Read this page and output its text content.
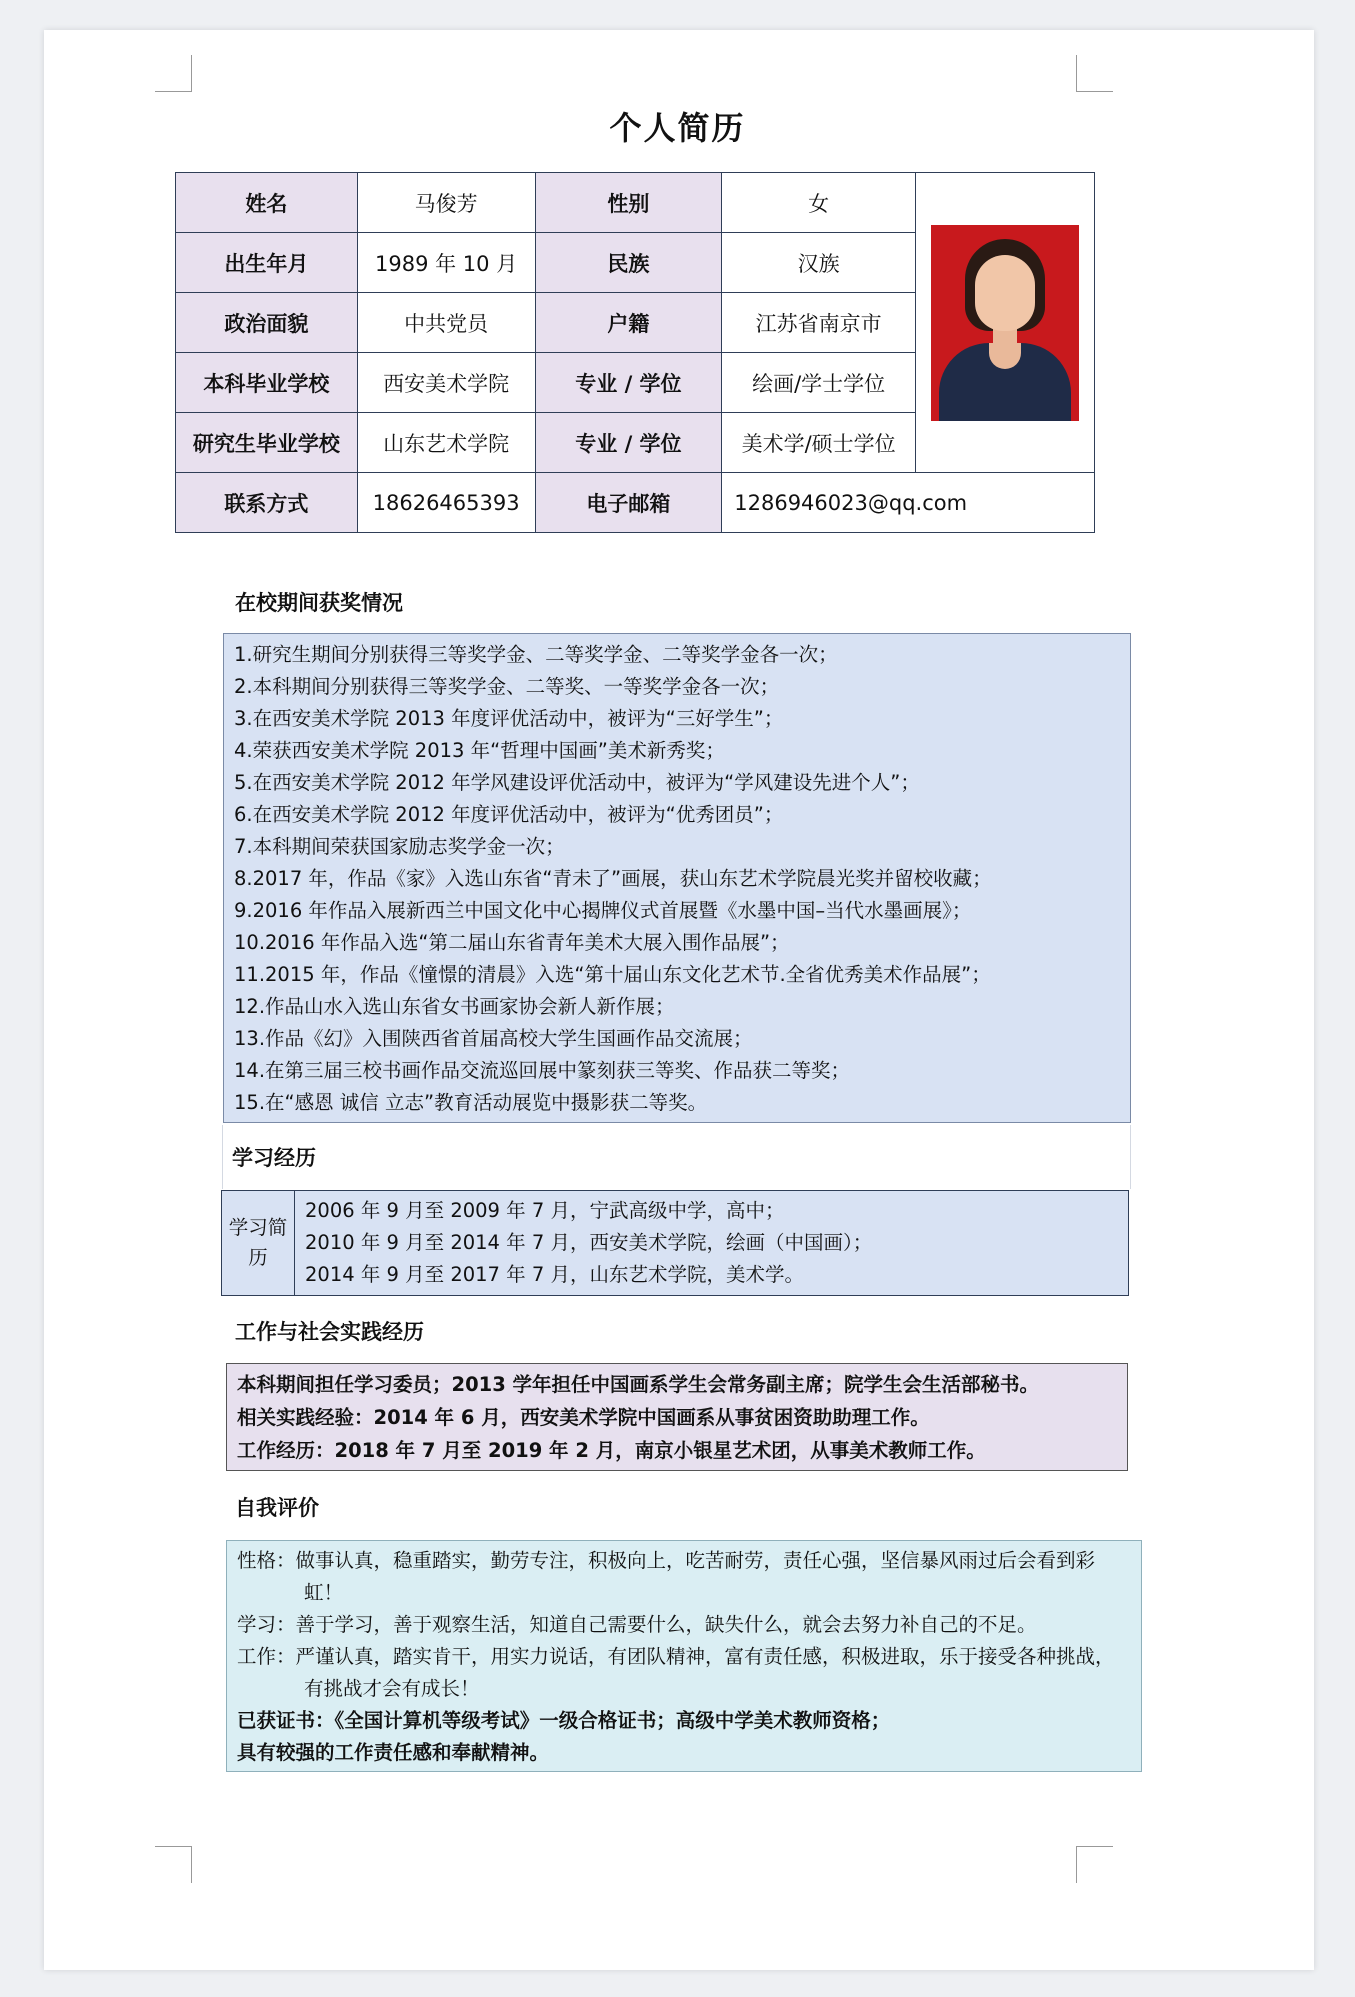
个人简历
姓名	马俊芳	性别	女	

出生年月	1989 年 10 月	民族	汉族	
政治面貌	中共党员	户籍	江苏省南京市	
本科毕业学校	西安美术学院	专业 / 学位	绘画/学士学位	
研究生毕业学校	山东艺术学院	专业 / 学位	美术学/硕士学位	
联系方式	18626465393	电子邮箱	1286946023@qq.com	
在校期间获奖情况
1.研究生期间分别获得三等奖学金、二等奖学金、二等奖学金各一次；
2.本科期间分别获得三等奖学金、二等奖、一等奖学金各一次；
3.在西安美术学院 2013 年度评优活动中，被评为“三好学生”；
4.荣获西安美术学院 2013 年“哲理中国画”美术新秀奖；
5.在西安美术学院 2012 年学风建设评优活动中，被评为“学风建设先进个人”；
6.在西安美术学院 2012 年度评优活动中，被评为“优秀团员”；
7.本科期间荣获国家励志奖学金一次；
8.2017 年，作品《家》入选山东省“青未了”画展，获山东艺术学院晨光奖并留校收藏；
9.2016 年作品入展新西兰中国文化中心揭牌仪式首展暨《水墨中国–当代水墨画展》；
10.2016 年作品入选“第二届山东省青年美术大展入围作品展”；
11.2015 年，作品《憧憬的清晨》入选“第十届山东文化艺术节.全省优秀美术作品展”；
12.作品山水入选山东省女书画家协会新人新作展；
13.作品《幻》入围陕西省首届高校大学生国画作品交流展；
14.在第三届三校书画作品交流巡回展中篆刻获三等奖、作品获二等奖；
15.在“感恩 诚信 立志”教育活动展览中摄影获二等奖。
学习经历
学习简历	
2006 年 9 月至 2009 年 7 月，宁武高级中学，高中；
2010 年 9 月至 2014 年 7 月，西安美术学院，绘画（中国画）；
2014 年 9 月至 2017 年 7 月，山东艺术学院，美术学。
工作与社会实践经历
本科期间担任学习委员；2013 学年担任中国画系学生会常务副主席；院学生会生活部秘书。
相关实践经验：2014 年 6 月，西安美术学院中国画系从事贫困资助助理工作。
工作经历：2018 年 7 月至 2019 年 2 月，南京小银星艺术团，从事美术教师工作。
自我评价
性格：做事认真，稳重踏实，勤劳专注，积极向上，吃苦耐劳，责任心强，坚信暴风雨过后会看到彩虹！
学习：善于学习，善于观察生活，知道自己需要什么，缺失什么，就会去努力补自己的不足。
工作：严谨认真，踏实肯干，用实力说话，有团队精神，富有责任感，积极进取，乐于接受各种挑战，有挑战才会有成长！
已获证书：《全国计算机等级考试》一级合格证书；高级中学美术教师资格；
具有较强的工作责任感和奉献精神。
